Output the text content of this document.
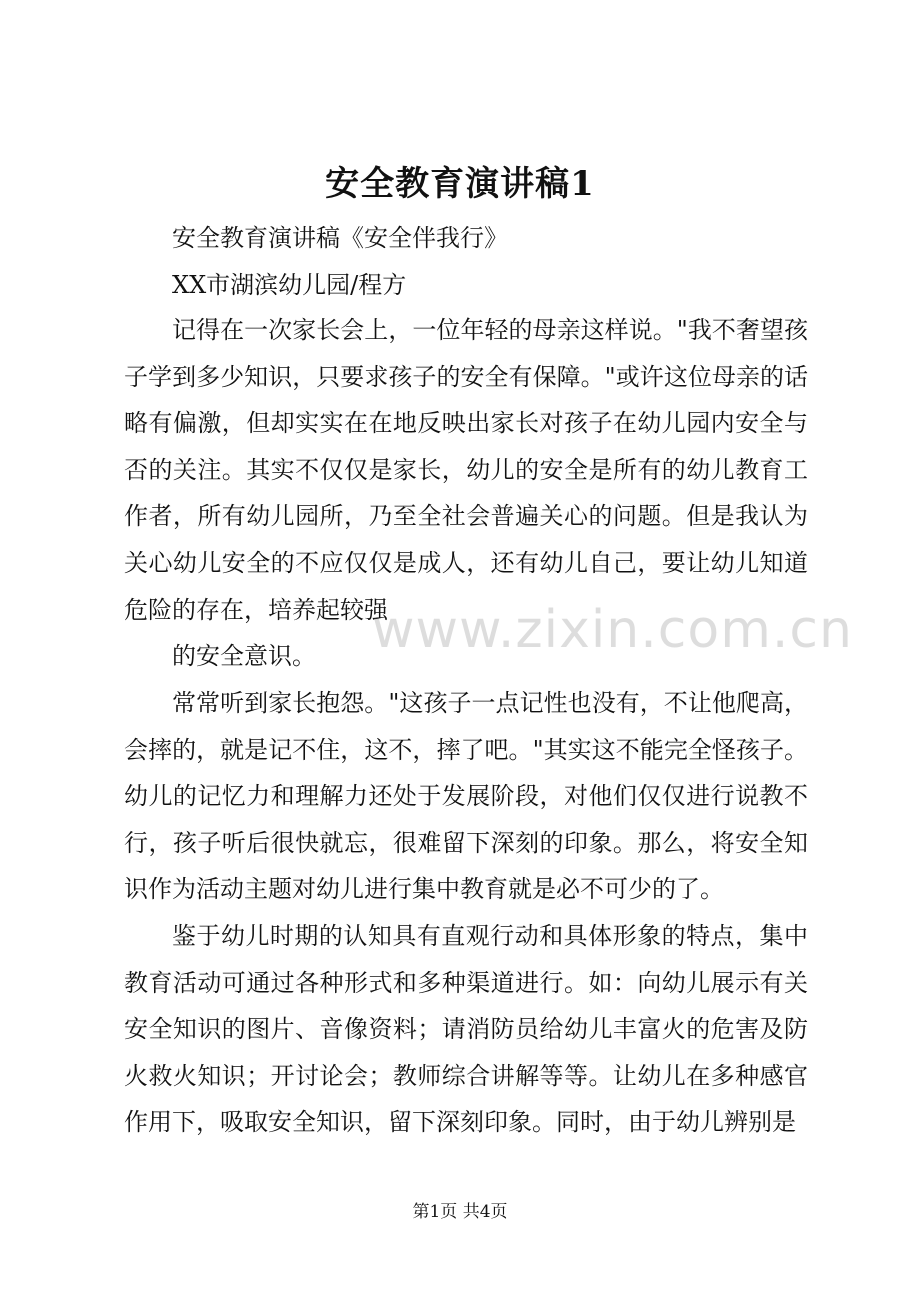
安全教育演讲稿1
安全教育演讲稿《安全伴我行》
XX市湖滨幼儿园/程方
记得在一次家长会上，一位年轻的母亲这样说。"我不奢望孩子学到多少知识，只要求孩子的安全有保障。"或许这位母亲的话略有偏激，但却实实在在地反映出家长对孩子在幼儿园内安全与否的关注。其实不仅仅是家长，幼儿的安全是所有的幼儿教育工作者，所有幼儿园所，乃至全社会普遍关心的问题。但是我认为关心幼儿安全的不应仅仅是成人，还有幼儿自己，要让幼儿知道危险的存在，培养起较强
的安全意识。
常常听到家长抱怨。"这孩子一点记性也没有，不让他爬高，会摔的，就是记不住，这不，摔了吧。"其实这不能完全怪孩子。幼儿的记忆力和理解力还处于发展阶段，对他们仅仅进行说教不行，孩子听后很快就忘，很难留下深刻的印象。那么，将安全知识作为活动主题对幼儿进行集中教育就是必不可少的了。
鉴于幼儿时期的认知具有直观行动和具体形象的特点，集中教育活动可通过各种形式和多种渠道进行。如：向幼儿展示有关安全知识的图片、音像资料；请消防员给幼儿丰富火的危害及防火救火知识；开讨论会；教师综合讲解等等。让幼儿在多种感官作用下，吸取安全知识，留下深刻印象。同时，由于幼儿辨别是
www.zixin.com.cn
第1页 共4页
